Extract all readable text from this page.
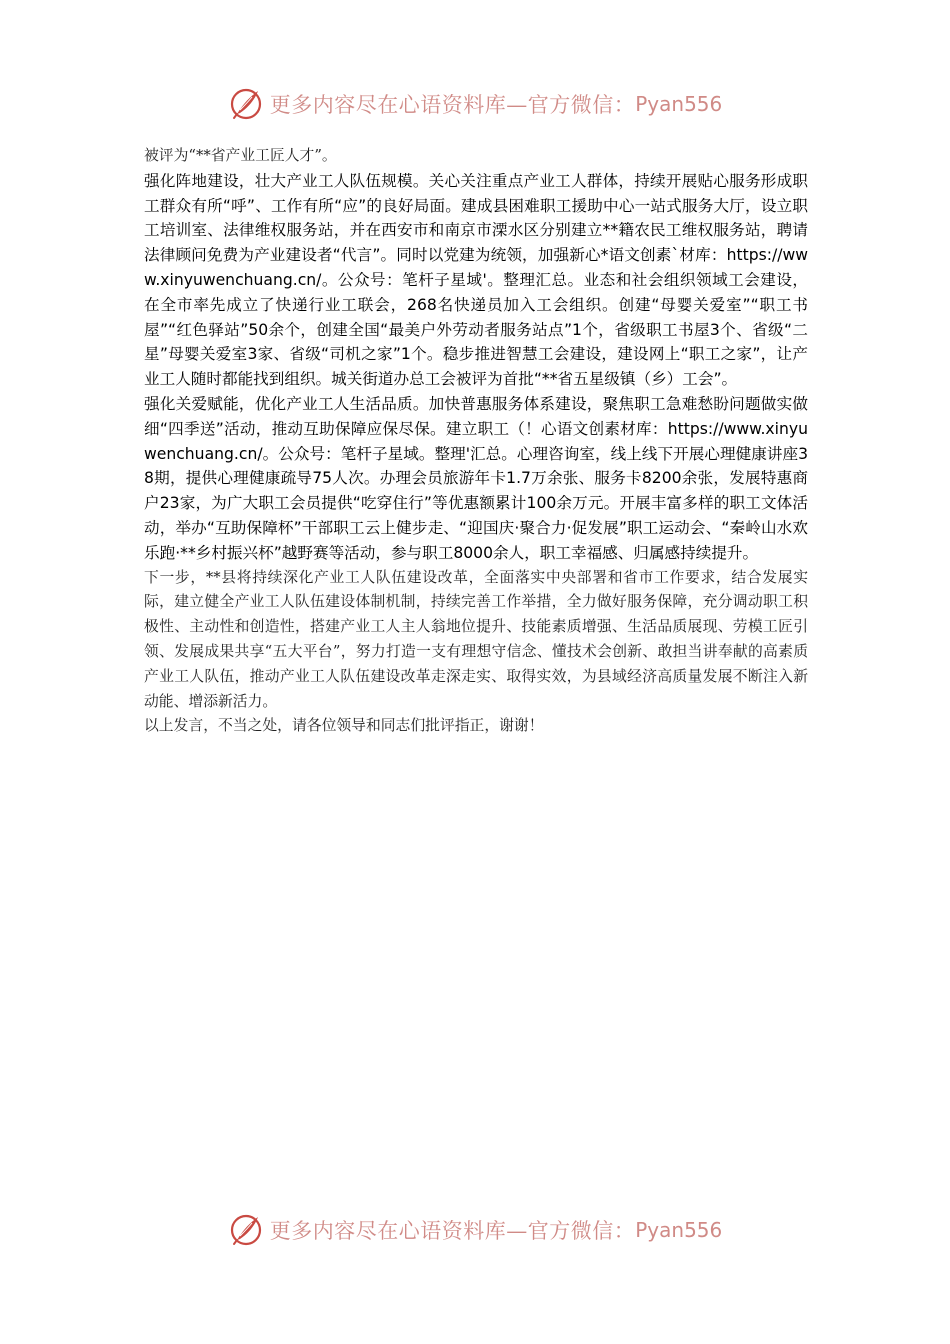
更多内容尽在心语资料库—官方微信： Pyan556

被评为“**省产业工匠人才”。

强化阵地建设，壮大产业工人队伍规模。关心关注重点产业工人群体，持续开展贴心服务形成职工群众有所“呼”、工作有所“应”的良好局面。建成县困难职工援助中心一站式服务大厅，设立职工培训室、法律维权服务站，并在西安市和南京市溧水区分别建立**籍农民工维权服务站，聘请法律顾问免费为产业建设者“代言”。同时以党建为统领，加强新心*语文创素`材库：https://www.xinyuwenchuang.cn/。公众号：笔杆子星域'。整理汇总。业态和社会组织领域工会建设，在全市率先成立了快递行业工联会，268名快递员加入工会组织。创建“母婴关爱室”“职工书屋”“红色驿站”50余个，创建全国“最美户外劳动者服务站点”1个，省级职工书屋3个、省级“二星”母婴关爱室3家、省级“司机之家”1个。稳步推进智慧工会建设，建设网上“职工之家”，让产业工人随时都能找到组织。城关街道办总工会被评为首批“**省五星级镇（乡）工会”。

强化关爱赋能，优化产业工人生活品质。加快普惠服务体系建设，聚焦职工急难愁盼问题做实做细“四季送”活动，推动互助保障应保尽保。建立职工（！心语文创素材库：https://www.xinyuwenchuang.cn/。公众号：笔杆子星域。整理'汇总。心理咨询室，线上线下开展心理健康讲座38期，提供心理健康疏导75人次。办理会员旅游年卡1.7万余张、服务卡8200余张，发展特惠商户23家，为广大职工会员提供“吃穿住行”等优惠额累计100余万元。开展丰富多样的职工文体活动，举办“互助保障杯”干部职工云上健步走、“迎国庆·聚合力·促发展”职工运动会、“秦岭山水欢乐跑·**乡村振兴杯”越野赛等活动，参与职工8000余人，职工幸福感、归属感持续提升。

下一步，**县将持续深化产业工人队伍建设改革，全面落实中央部署和省市工作要求，结合发展实际，建立健全产业工人队伍建设体制机制，持续完善工作举措，全力做好服务保障，充分调动职工积极性、主动性和创造性，搭建产业工人主人翁地位提升、技能素质增强、生活品质展现、劳模工匠引领、发展成果共享“五大平台”，努力打造一支有理想守信念、懂技术会创新、敢担当讲奉献的高素质产业工人队伍，推动产业工人队伍建设改革走深走实、取得实效，为县域经济高质量发展不断注入新动能、增添新活力。

以上发言，不当之处，请各位领导和同志们批评指正，谢谢！

更多内容尽在心语资料库—官方微信： Pyan556
